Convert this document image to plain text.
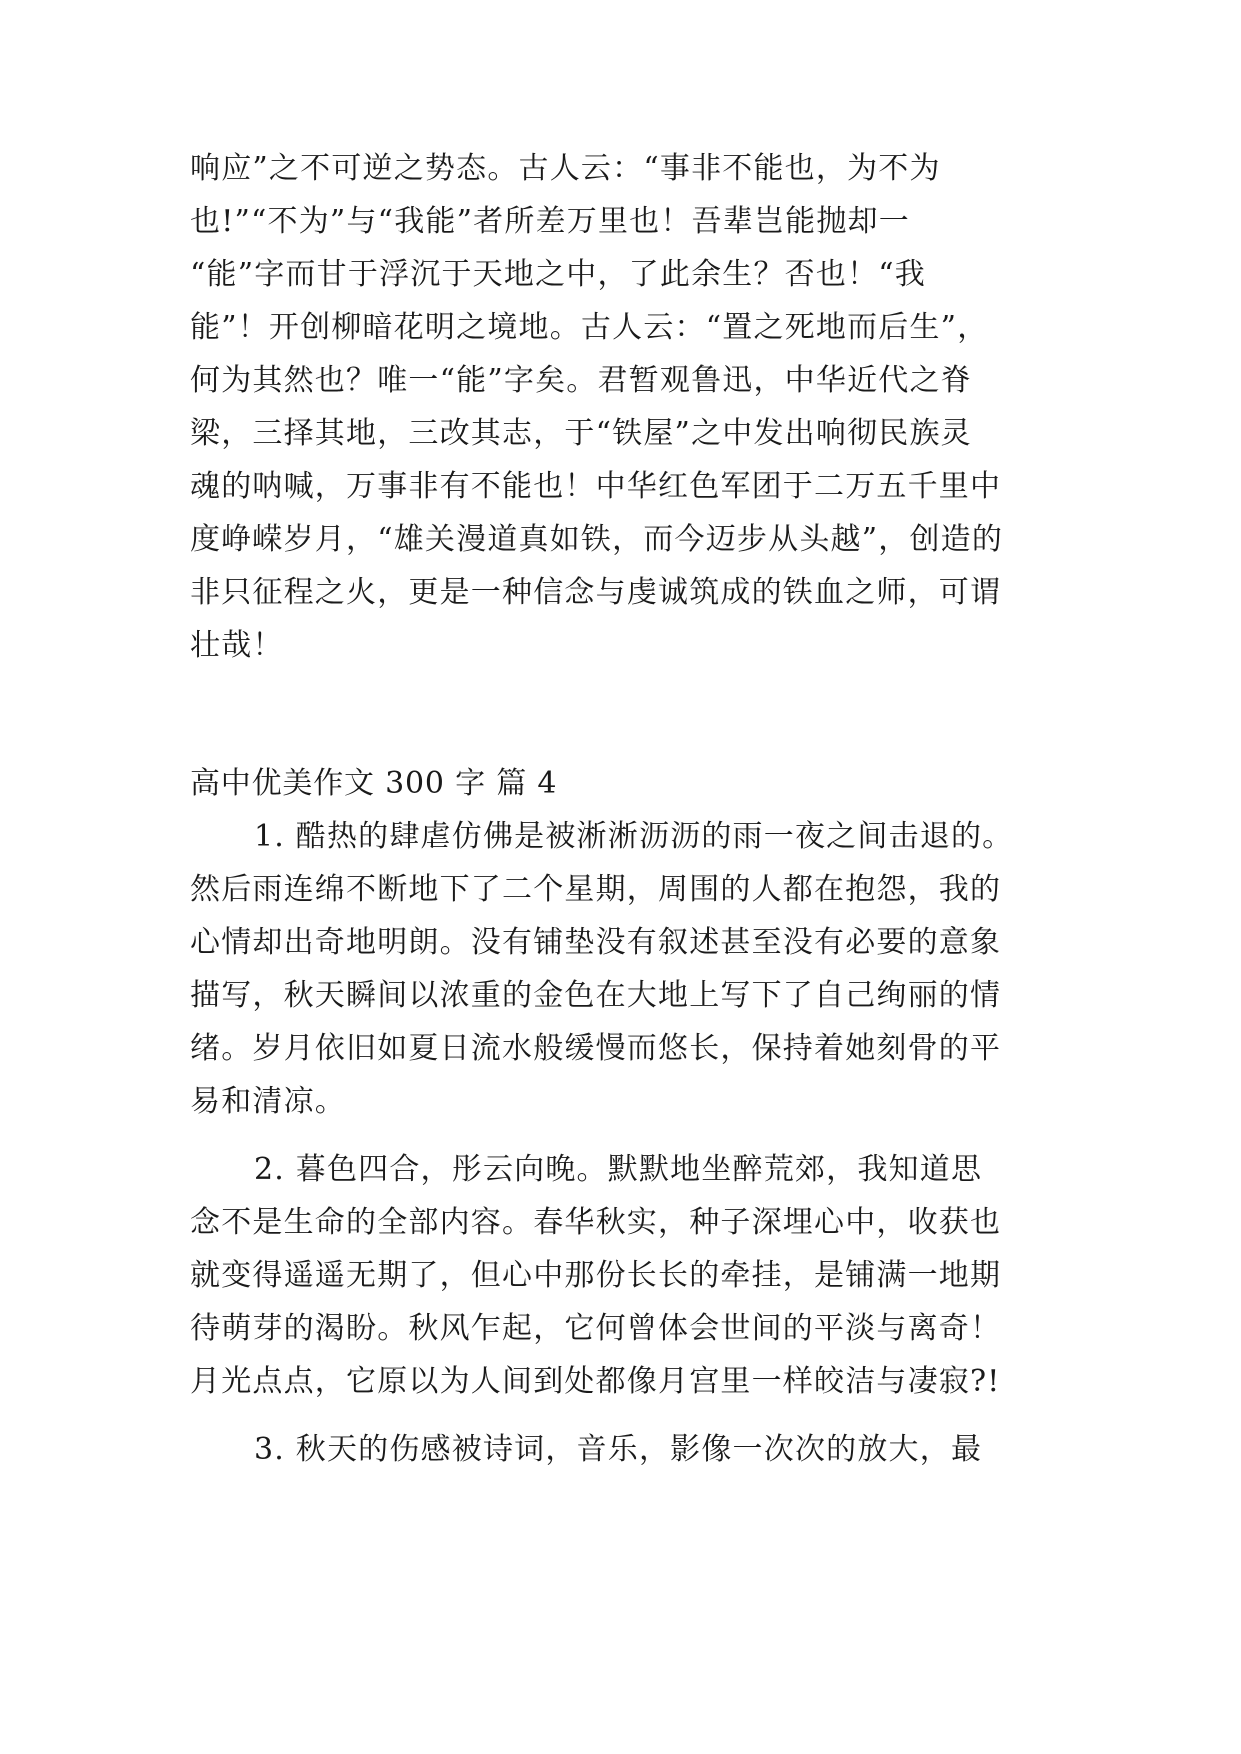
响应”之不可逆之势态。古人云：“事非不能也，为不为
也!”“不为”与“我能”者所差万里也！吾辈岂能抛却一
“能”字而甘于浮沉于天地之中，了此余生？否也！“我
能”！开创柳暗花明之境地。古人云：“置之死地而后生”，
何为其然也？唯一“能”字矣。君暂观鲁迅，中华近代之脊
梁，三择其地，三改其志，于“铁屋”之中发出响彻民族灵
魂的呐喊，万事非有不能也！中华红色军团于二万五千里中
度峥嵘岁月，“雄关漫道真如铁，而今迈步从头越”，创造的
非只征程之火，更是一种信念与虔诚筑成的铁血之师，可谓
壮哉！
高中优美作文 300 字 篇 4
1. 酷热的肆虐仿佛是被淅淅沥沥的雨一夜之间击退的。
然后雨连绵不断地下了二个星期，周围的人都在抱怨，我的
心情却出奇地明朗。没有铺垫没有叙述甚至没有必要的意象
描写，秋天瞬间以浓重的金色在大地上写下了自己绚丽的情
绪。岁月依旧如夏日流水般缓慢而悠长，保持着她刻骨的平
易和清凉。
2. 暮色四合，彤云向晚。默默地坐醉荒郊，我知道思
念不是生命的全部内容。春华秋实，种子深埋心中，收获也
就变得遥遥无期了，但心中那份长长的牵挂，是铺满一地期
待萌芽的渴盼。秋风乍起，它何曾体会世间的平淡与离奇！
月光点点，它原以为人间到处都像月宫里一样皎洁与凄寂?!
3. 秋天的伤感被诗词，音乐，影像一次次的放大，最
